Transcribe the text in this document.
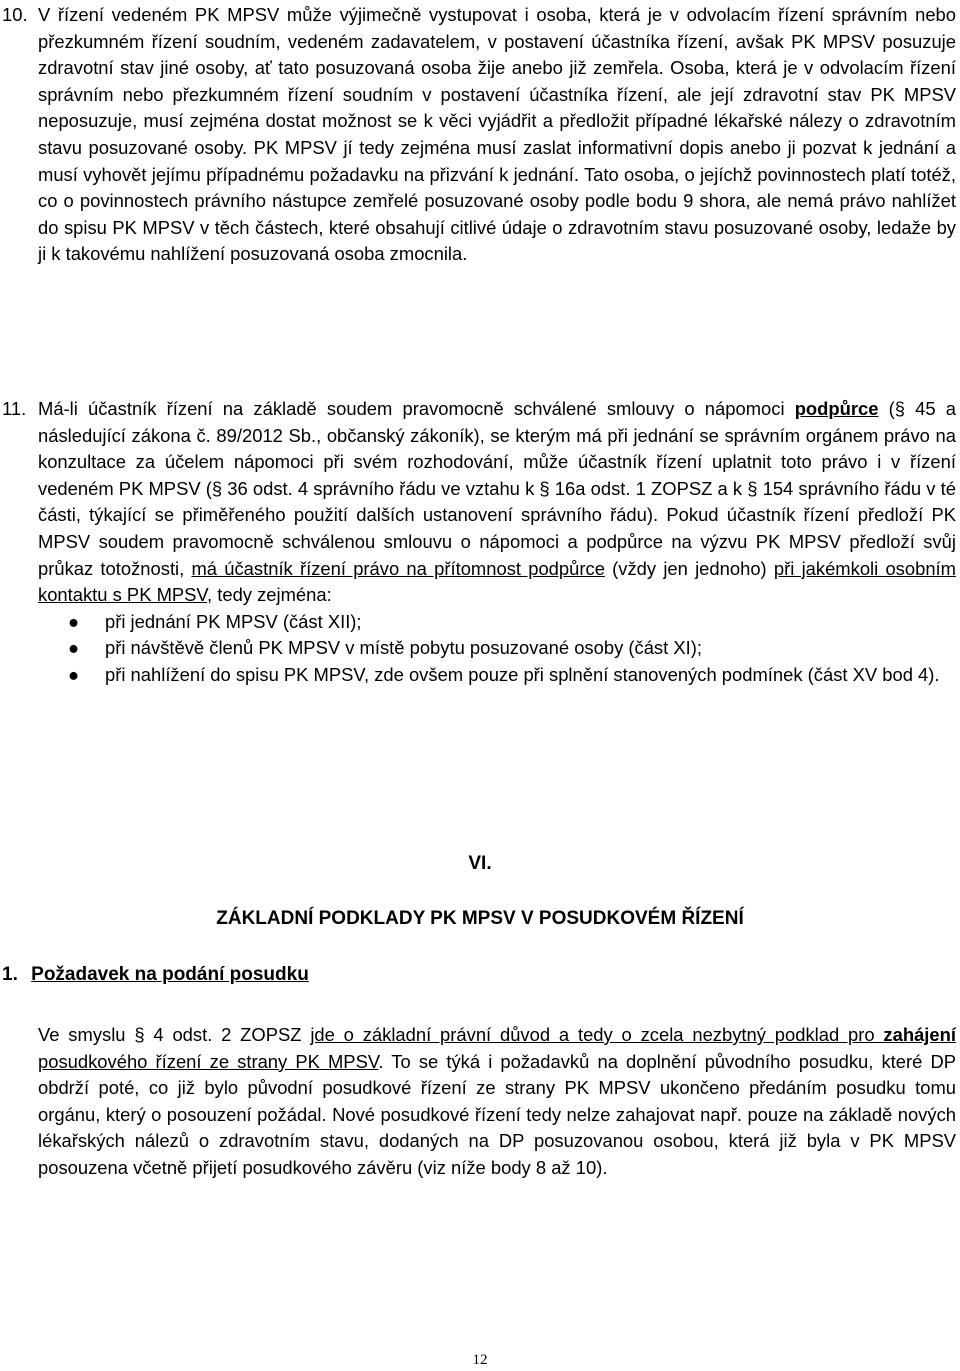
10. V řízení vedeném PK MPSV může výjimečně vystupovat i osoba, která je v odvolacím řízení správním nebo přezkumném řízení soudním, vedeném zadavatelem, v postavení účastníka řízení, avšak PK MPSV posuzuje zdravotní stav jiné osoby, ať tato posuzovaná osoba žije anebo již zemřela. Osoba, která je v odvolacím řízení správním nebo přezkumném řízení soudním v postavení účastníka řízení, ale její zdravotní stav PK MPSV neposuzuje, musí zejména dostat možnost se k věci vyjádřit a předložit případné lékařské nálezy o zdravotním stavu posuzované osoby. PK MPSV jí tedy zejména musí zaslat informativní dopis anebo ji pozvat k jednání a musí vyhovět jejímu případnému požadavku na přizvání k jednání. Tato osoba, o jejíchž povinnostech platí totéž, co o povinnostech právního nástupce zemřelé posuzované osoby podle bodu 9 shora, ale nemá právo nahlížet do spisu PK MPSV v těch částech, které obsahují citlivé údaje o zdravotním stavu posuzované osoby, ledaže by ji k takovému nahlížení posuzovaná osoba zmocnila.
11. Má-li účastník řízení na základě soudem pravomocně schválené smlouvy o nápomoci podpůrce (§ 45 a následující zákona č. 89/2012 Sb., občanský zákoník), se kterým má při jednání se správním orgánem právo na konzultace za účelem nápomoci při svém rozhodování, může účastník řízení uplatnit toto právo i v řízení vedeném PK MPSV (§ 36 odst. 4 správního řádu ve vztahu k § 16a odst. 1 ZOPSZ a k § 154 správního řádu v té části, týkající se přiměřeného použití dalších ustanovení správního řádu). Pokud účastník řízení předloží PK MPSV soudem pravomocně schválenou smlouvu o nápomoci a podpůrce na výzvu PK MPSV předloží svůj průkaz totožnosti, má účastník řízení právo na přítomnost podpůrce (vždy jen jednoho) při jakémkoli osobním kontaktu s PK MPSV, tedy zejména:
● při jednání PK MPSV (část XII);
● při návštěvě členů PK MPSV v místě pobytu posuzované osoby (část XI);
● při nahlížení do spisu PK MPSV, zde ovšem pouze při splnění stanovených podmínek (část XV bod 4).
VI.
ZÁKLADNÍ PODKLADY PK MPSV V POSUDKOVÉM ŘÍZENÍ
1. Požadavek na podání posudku
Ve smyslu § 4 odst. 2 ZOPSZ jde o základní právní důvod a tedy o zcela nezbytný podklad pro zahájení posudkového řízení ze strany PK MPSV. To se týká i požadavků na doplnění původního posudku, které DP obdrží poté, co již bylo původní posudkové řízení ze strany PK MPSV ukončeno předáním posudku tomu orgánu, který o posouzení požádal. Nové posudkové řízení tedy nelze zahajovat např. pouze na základě nových lékařských nálezů o zdravotním stavu, dodaných na DP posuzovanou osobou, která již byla v PK MPSV posouzena včetně přijetí posudkového závěru (viz níže body 8 až 10).
12
